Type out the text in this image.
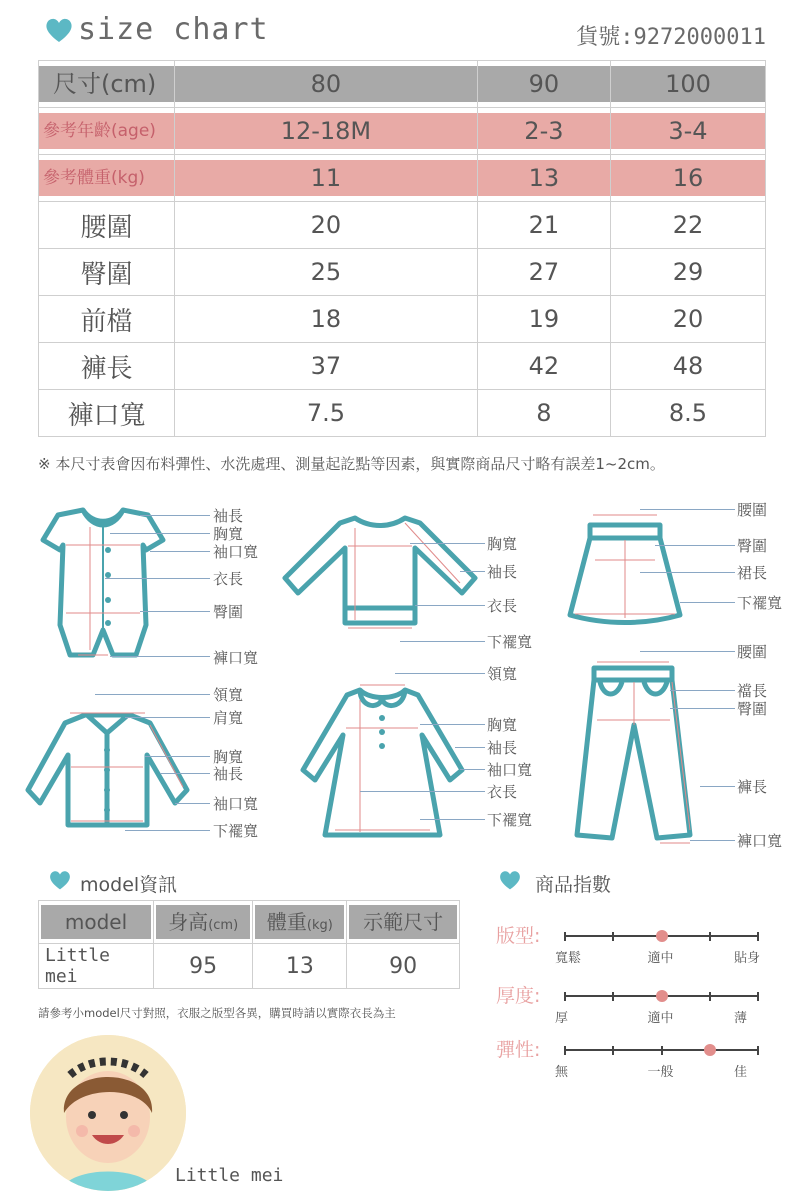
size chart	貨號:9272000011
尺寸(cm)	80	90	100

參考年齡(age)	12-18M	2-3	3-4

參考體重(kg)	11	13	16

腰圍	20	21	22
臀圍	25	27	29
前檔	18	19	20
褲長	37	42	48
褲口寬	7.5	8	8.5
※ 本尺寸表會因布料彈性、水洗處理、測量起訖點等因素，與實際商品尺寸略有誤差1~2cm。
袖長
胸寬
袖口寬
衣長
臀圍
褲口寬
胸寬
袖長
衣長
下襬寬
腰圍
臀圍
裙長
下襬寬
領寬
肩寬
胸寬
袖長
袖口寬
下襬寬
領寬
胸寬
袖長
袖口寬
衣長
下襬寬
腰圍
襠長
臀圍
褲長
褲口寬
model資訊
model	身高(cm)	體重(kg)	示範尺寸

Little mei	95	13	90
請參考小model尺寸對照，衣服之版型各異，購買時請以實際衣長為主
Little mei
商品指數
版型:
寬鬆	適中	貼身
厚度:
厚	適中	薄
彈性:
無	一般	佳
